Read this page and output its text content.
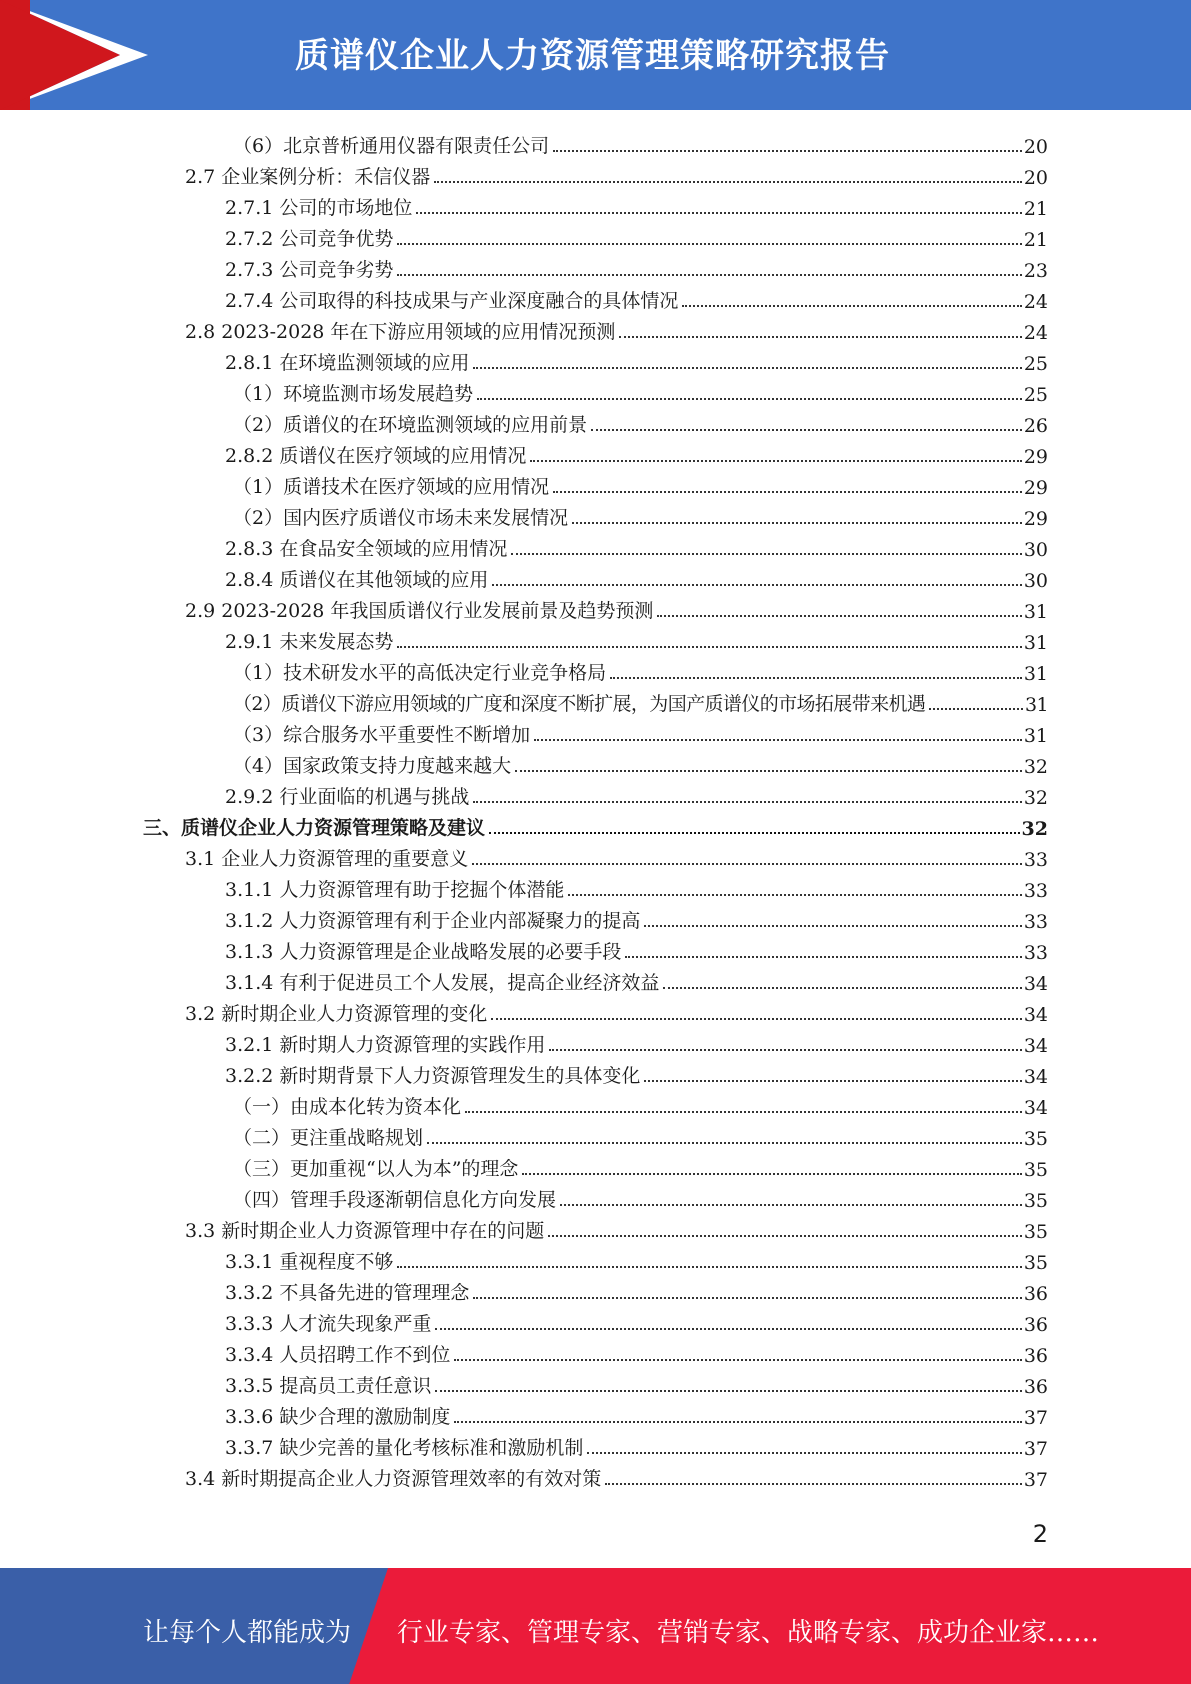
质谱仪企业人力资源管理策略研究报告
（6）北京普析通用仪器有限责任公司	20
2.7 企业案例分析：禾信仪器	20
2.7.1 公司的市场地位	21
2.7.2 公司竞争优势	21
2.7.3 公司竞争劣势	23
2.7.4 公司取得的科技成果与产业深度融合的具体情况	24
2.8 2023-2028 年在下游应用领域的应用情况预测	24
2.8.1 在环境监测领域的应用	25
（1）环境监测市场发展趋势	25
（2）质谱仪的在环境监测领域的应用前景	26
2.8.2 质谱仪在医疗领域的应用情况	29
（1）质谱技术在医疗领域的应用情况	29
（2）国内医疗质谱仪市场未来发展情况	29
2.8.3 在食品安全领域的应用情况	30
2.8.4 质谱仪在其他领域的应用	30
2.9 2023-2028 年我国质谱仪行业发展前景及趋势预测	31
2.9.1 未来发展态势	31
（1）技术研发水平的高低决定行业竞争格局	31
（2）质谱仪下游应用领域的广度和深度不断扩展，为国产质谱仪的市场拓展带来机遇	31
（3）综合服务水平重要性不断增加	31
（4）国家政策支持力度越来越大	32
2.9.2 行业面临的机遇与挑战	32
三、质谱仪企业人力资源管理策略及建议	32
3.1 企业人力资源管理的重要意义	33
3.1.1 人力资源管理有助于挖掘个体潜能	33
3.1.2 人力资源管理有利于企业内部凝聚力的提高	33
3.1.3 人力资源管理是企业战略发展的必要手段	33
3.1.4 有利于促进员工个人发展，提高企业经济效益	34
3.2 新时期企业人力资源管理的变化	34
3.2.1 新时期人力资源管理的实践作用	34
3.2.2 新时期背景下人力资源管理发生的具体变化	34
（一）由成本化转为资本化	34
（二）更注重战略规划	35
（三）更加重视“以人为本”的理念	35
（四）管理手段逐渐朝信息化方向发展	35
3.3 新时期企业人力资源管理中存在的问题	35
3.3.1 重视程度不够	35
3.3.2 不具备先进的管理理念	36
3.3.3 人才流失现象严重	36
3.3.4 人员招聘工作不到位	36
3.3.5 提高员工责任意识	36
3.3.6 缺少合理的激励制度	37
3.3.7 缺少完善的量化考核标准和激励机制	37
3.4 新时期提高企业人力资源管理效率的有效对策	37
2
让每个人都能成为 行业专家、管理专家、营销专家、战略专家、成功企业家……
